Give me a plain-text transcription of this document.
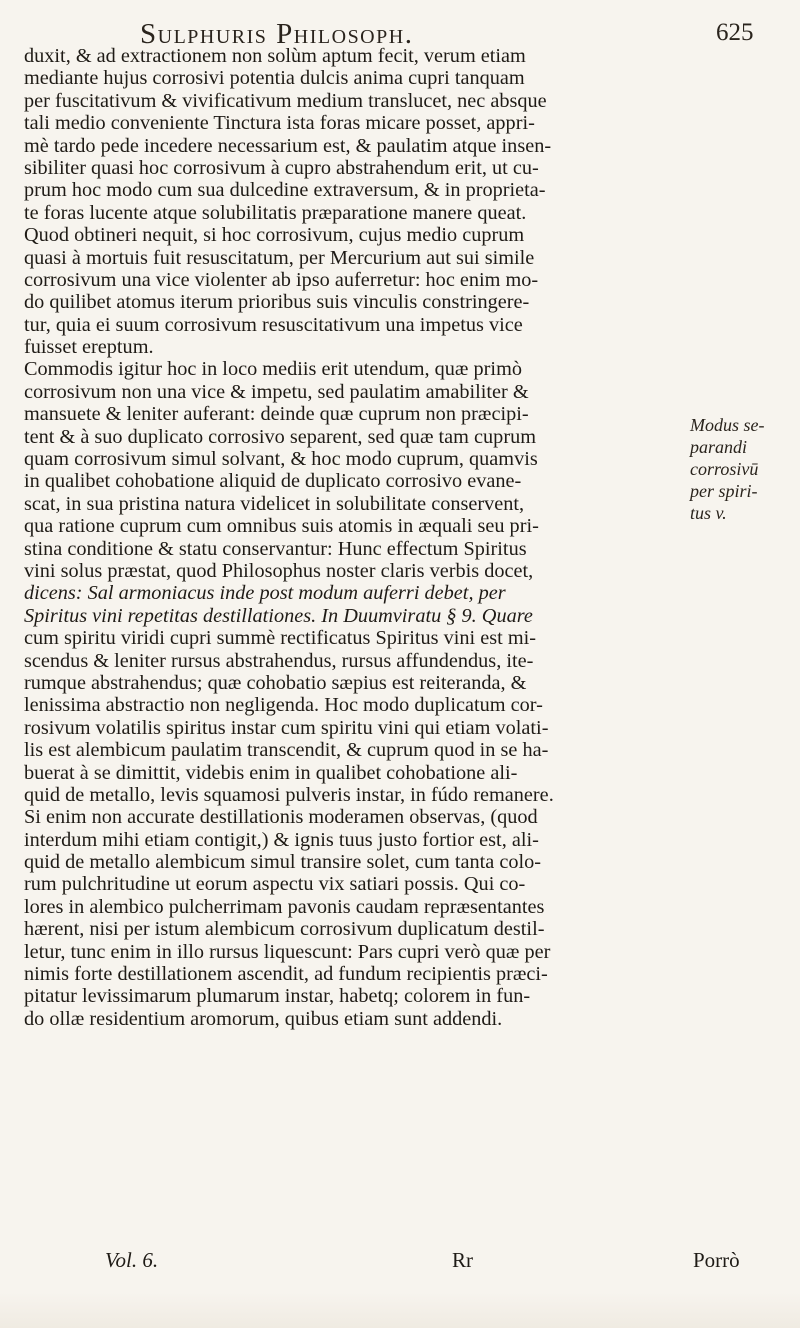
Sulphuris Philosoph.	625
duxit, & ad extractionem non solùm aptum fecit, verum etiam
mediante hujus corrosivi potentia dulcis anima cupri tanquam
per fuscitativum & vivificativum medium translucet, nec absque
tali medio conveniente Tinctura ista foras micare posset, appri-
mè tardo pede incedere necessarium est, & paulatim atque insen-
sibiliter quasi hoc corrosivum à cupro abstrahendum erit, ut cu-
prum hoc modo cum sua dulcedine extraversum, & in proprieta-
te foras lucente atque solubilitatis præparatione manere queat.
Quod obtineri nequit, si hoc corrosivum, cujus medio cuprum
quasi à mortuis fuit resuscitatum, per Mercurium aut sui simile
corrosivum una vice violenter ab ipso auferretur: hoc enim mo-
do quilibet atomus iterum prioribus suis vinculis constringere-
tur, quia ei suum corrosivum resuscitativum una impetus vice
fuisset ereptum.
Commodis igitur hoc in loco mediis erit utendum, quæ primò
corrosivum non una vice & impetu, sed paulatim amabiliter &
mansuete & leniter auferant: deinde quæ cuprum non præcipi-
tent & à suo duplicato corrosivo separent, sed quæ tam cuprum
quam corrosivum simul solvant, & hoc modo cuprum, quamvis
in qualibet cohobatione aliquid de duplicato corrosivo evane-
scat, in sua pristina natura videlicet in solubilitate conservent,
qua ratione cuprum cum omnibus suis atomis in æquali seu pri-
stina conditione & statu conservantur: Hunc effectum Spiritus
vini solus præstat, quod Philosophus noster claris verbis docet,
dicens: Sal armoniacus inde post modum auferri debet, per
Spiritus vini repetitas destillationes. In Duumviratu § 9. Quare
cum spiritu viridi cupri summè rectificatus Spiritus vini est mi-
scendus & leniter rursus abstrahendus, rursus affundendus, ite-
rumque abstrahendus; quæ cohobatio sæpius est reiteranda, &
lenissima abstractio non negligenda. Hoc modo duplicatum cor-
rosivum volatilis spiritus instar cum spiritu vini qui etiam volati-
lis est alembicum paulatim transcendit, & cuprum quod in se ha-
buerat à se dimittit, videbis enim in qualibet cohobatione ali-
quid de metallo, levis squamosi pulveris instar, in fúdo remanere.
Si enim non accurate destillationis moderamen observas, (quod
interdum mihi etiam contigit,) & ignis tuus justo fortior est, ali-
quid de metallo alembicum simul transire solet, cum tanta colo-
rum pulchritudine ut eorum aspectu vix satiari possis. Qui co-
lores in alembico pulcherrimam pavonis caudam repræsentantes
hærent, nisi per istum alembicum corrosivum duplicatum destil-
letur, tunc enim in illo rursus liquescunt: Pars cupri verò quæ per
nimis forte destillationem ascendit, ad fundum recipientis præci-
pitatur levissimarum plumarum instar, habetq; colorem in fun-
do ollæ residentium aromorum, quibus etiam sunt addendi.
Modus se-
parandi
corrosivū
per spiri-
tus v.
Vol. 6.	Rr	Porrò
